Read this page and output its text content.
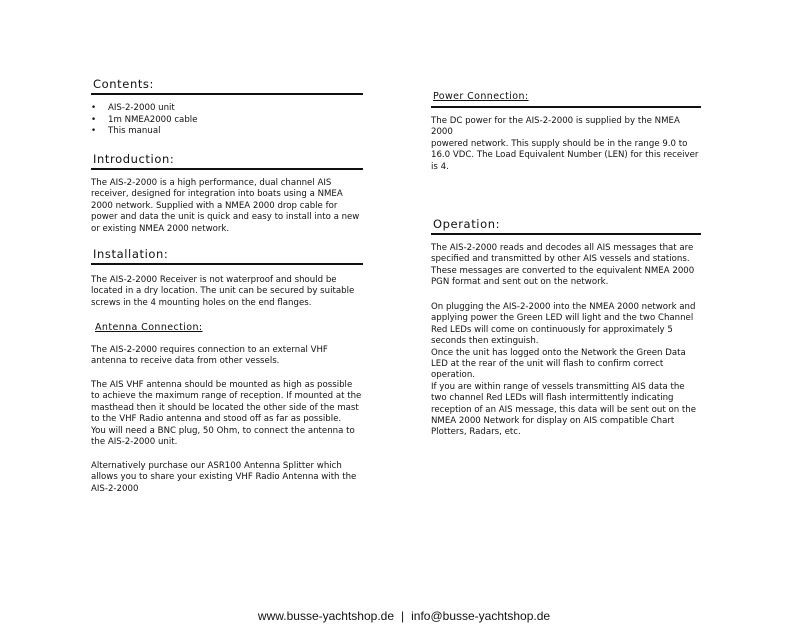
Contents:
• AIS-2-2000 unit
• 1m NMEA2000 cable
• This manual
Introduction:

The AIS-2-2000 is a high performance, dual channel AIS
receiver, designed for integration into boats using a NMEA
2000 network. Supplied with a NMEA 2000 drop cable for
power and data the unit is quick and easy to install into a new
or existing NMEA 2000 network.

Installation:

The AIS-2-2000 Receiver is not waterproof and should be
located in a dry location. The unit can be secured by suitable
screws in the 4 mounting holes on the end flanges.

Antenna Connection:

The AIS-2-2000 requires connection to an external VHF
antenna to receive data from other vessels.

The AIS VHF antenna should be mounted as high as possible
to achieve the maximum range of reception. If mounted at the
masthead then it should be located the other side of the mast
to the VHF Radio antenna and stood off as far as possible.
You will need a BNC plug, 50 Ohm, to connect the antenna to
the AIS-2-2000 unit.

Alternatively purchase our ASR100 Antenna Splitter which
allows you to share your existing VHF Radio Antenna with the
AIS-2-2000

Power Connection:

The DC power for the AIS-2-2000 is supplied by the NMEA 2000
powered network. This supply should be in the range 9.0 to
16.0 VDC. The Load Equivalent Number (LEN) for this receiver
is 4.

Operation:

The AIS-2-2000 reads and decodes all AIS messages that are
specified and transmitted by other AIS vessels and stations.
These messages are converted to the equivalent NMEA 2000
PGN format and sent out on the network.

On plugging the AIS-2-2000 into the NMEA 2000 network and
applying power the Green LED will light and the two Channel
Red LEDs will come on continuously for approximately 5
seconds then extinguish.
Once the unit has logged onto the Network the Green Data
LED at the rear of the unit will flash to confirm correct
operation.
If you are within range of vessels transmitting AIS data the
two channel Red LEDs will flash intermittently indicating
reception of an AIS message, this data will be sent out on the
NMEA 2000 Network for display on AIS compatible Chart
Plotters, Radars, etc.

www.busse-yachtshop.de | info@busse-yachtshop.de
